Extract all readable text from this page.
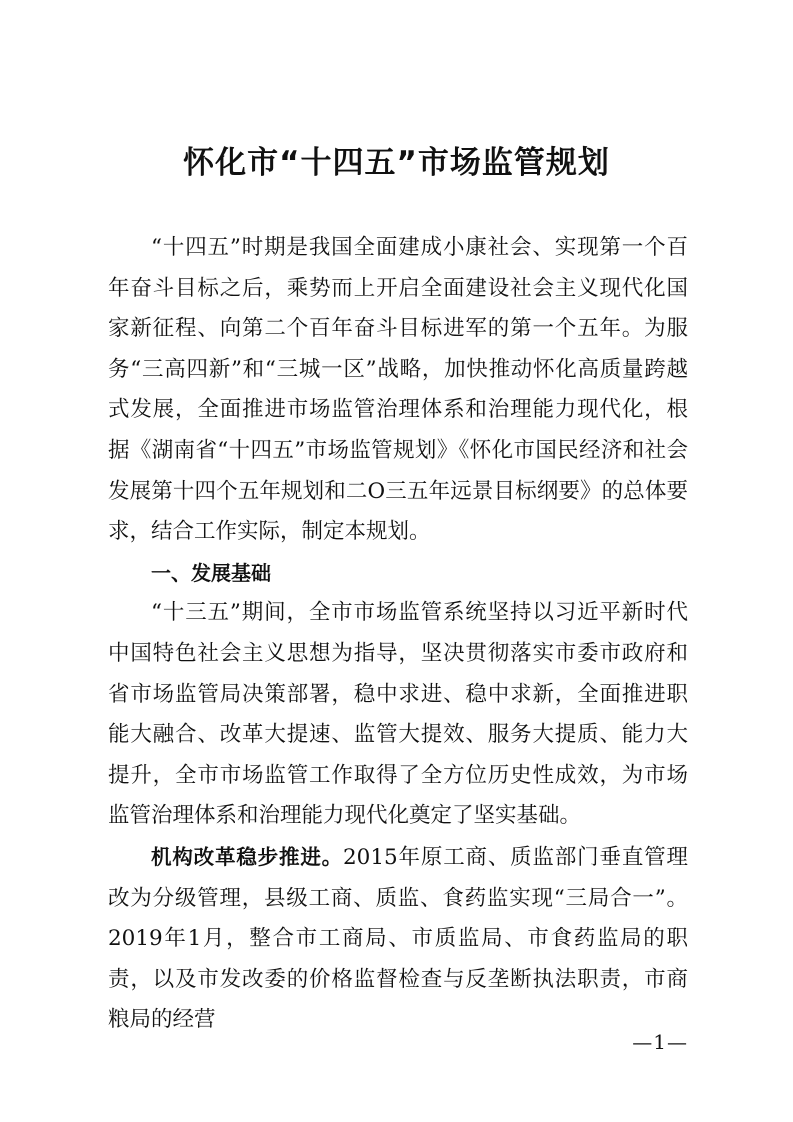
怀化市“十四五”市场监管规划

“十四五”时期是我国全面建成小康社会、实现第一个百年奋斗目标之后，乘势而上开启全面建设社会主义现代化国家新征程、向第二个百年奋斗目标进军的第一个五年。为服务“三高四新”和“三城一区”战略，加快推动怀化高质量跨越式发展，全面推进市场监管治理体系和治理能力现代化，根据《湖南省“十四五”市场监管规划》《怀化市国民经济和社会发展第十四个五年规划和二O三五年远景目标纲要》的总体要求，结合工作实际，制定本规划。

一、发展基础

“十三五”期间，全市市场监管系统坚持以习近平新时代中国特色社会主义思想为指导，坚决贯彻落实市委市政府和省市场监管局决策部署，稳中求进、稳中求新，全面推进职能大融合、改革大提速、监管大提效、服务大提质、能力大提升，全市市场监管工作取得了全方位历史性成效，为市场监管治理体系和治理能力现代化奠定了坚实基础。

机构改革稳步推进。2015年原工商、质监部门垂直管理改为分级管理，县级工商、质监、食药监实现“三局合一”。2019年1月，整合市工商局、市质监局、市食药监局的职责，以及市发改委的价格监督检查与反垄断执法职责，市商粮局的经营

—1—
